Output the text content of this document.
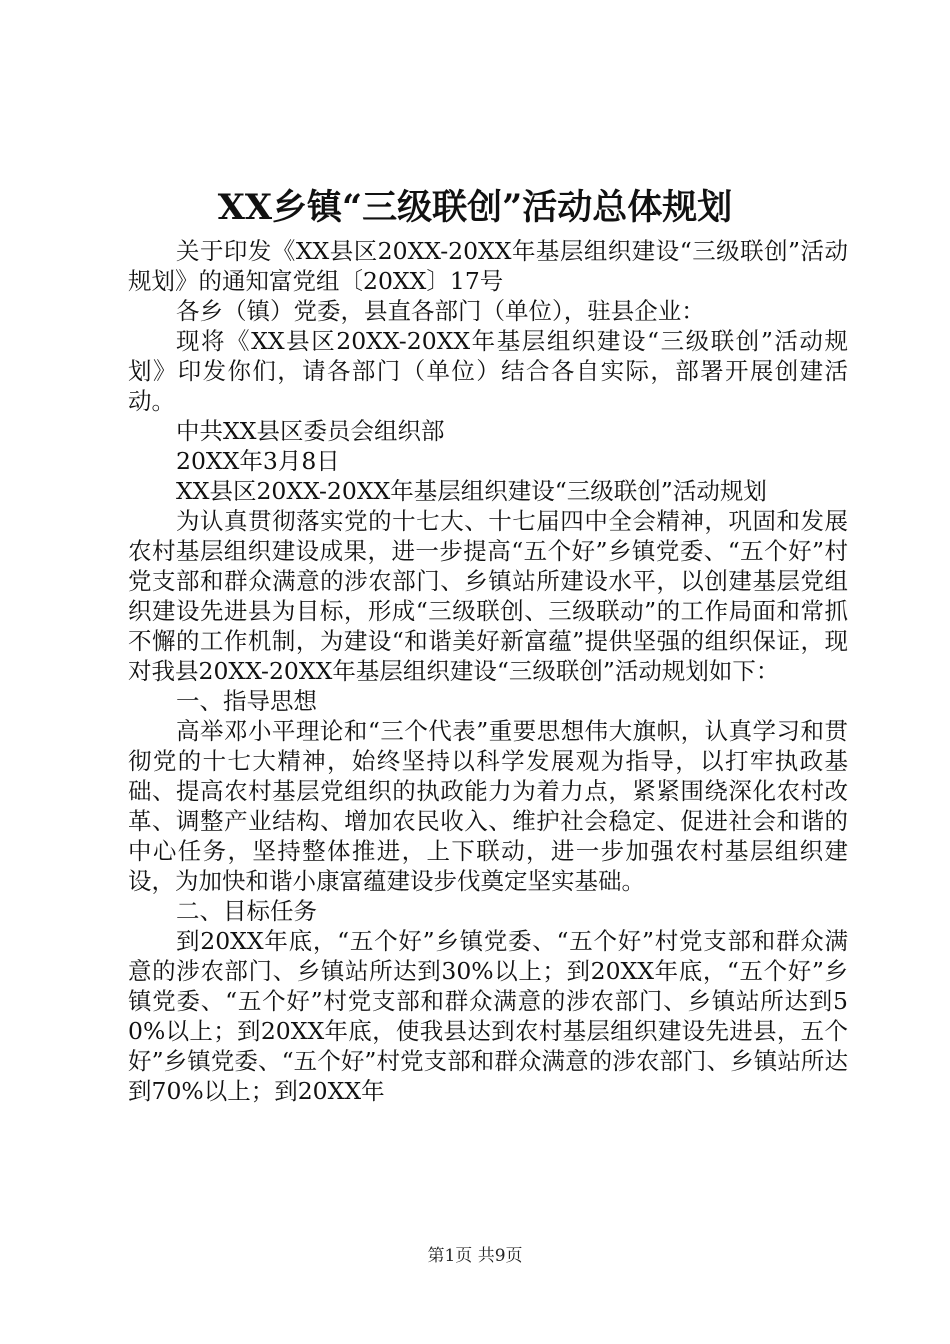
XX乡镇“三级联创”活动总体规划

关于印发《XX县区20XX-20XX年基层组织建设“三级联创”活动规划》的通知富党组〔20XX〕17号

各乡（镇）党委，县直各部门（单位），驻县企业：

现将《XX县区20XX-20XX年基层组织建设“三级联创”活动规划》印发你们，请各部门（单位）结合各自实际，部署开展创建活动。

中共XX县区委员会组织部

20XX年3月8日

XX县区20XX-20XX年基层组织建设“三级联创”活动规划

为认真贯彻落实党的十七大、十七届四中全会精神，巩固和发展农村基层组织建设成果，进一步提高“五个好”乡镇党委、“五个好”村党支部和群众满意的涉农部门、乡镇站所建设水平，以创建基层党组织建设先进县为目标，形成“三级联创、三级联动”的工作局面和常抓不懈的工作机制，为建设“和谐美好新富蕴”提供坚强的组织保证，现对我县20XX-20XX年基层组织建设“三级联创”活动规划如下：

一、指导思想

高举邓小平理论和“三个代表”重要思想伟大旗帜，认真学习和贯彻党的十七大精神，始终坚持以科学发展观为指导，以打牢执政基础、提高农村基层党组织的执政能力为着力点，紧紧围绕深化农村改革、调整产业结构、增加农民收入、维护社会稳定、促进社会和谐的中心任务，坚持整体推进，上下联动，进一步加强农村基层组织建设，为加快和谐小康富蕴建设步伐奠定坚实基础。

二、目标任务

到20XX年底，“五个好”乡镇党委、“五个好”村党支部和群众满意的涉农部门、乡镇站所达到30%以上；到20XX年底，“五个好”乡镇党委、“五个好”村党支部和群众满意的涉农部门、乡镇站所达到50%以上；到20XX年底，使我县达到农村基层组织建设先进县，五个好”乡镇党委、“五个好”村党支部和群众满意的涉农部门、乡镇站所达到70%以上；到20XX年

第1页 共9页
